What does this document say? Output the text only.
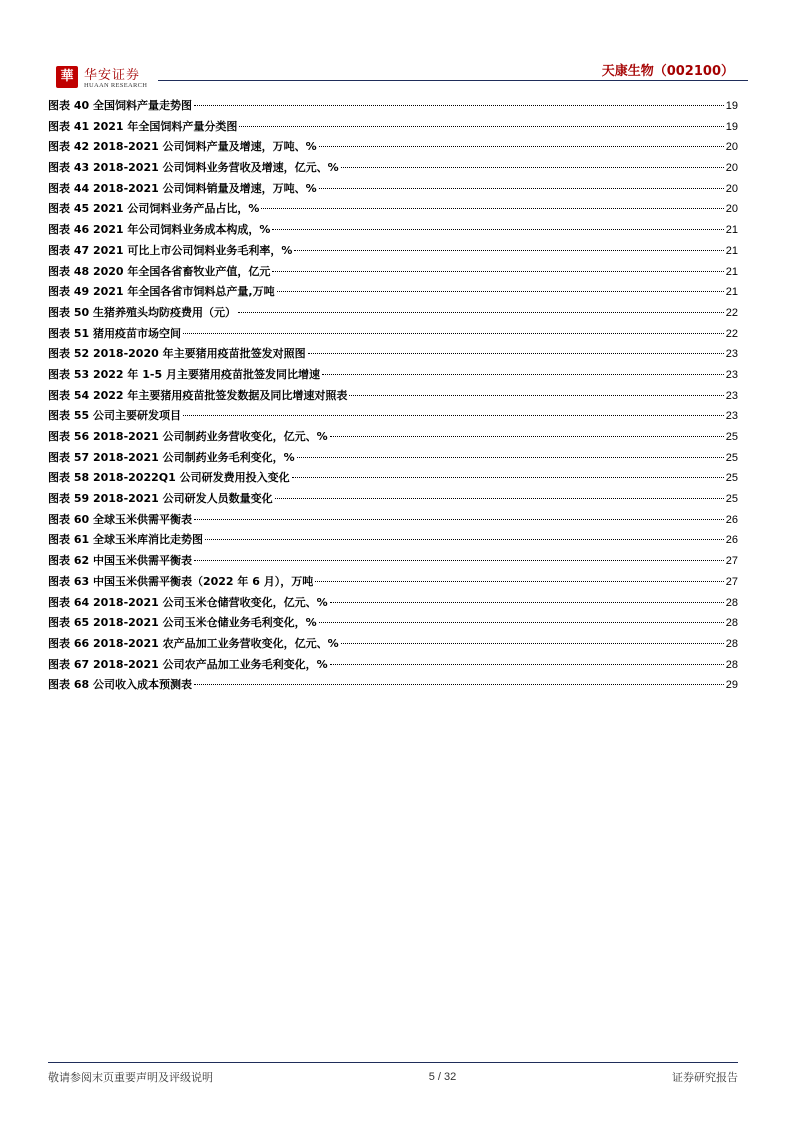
華 华安证券
HUAAN RESEARCH
天康生物（002100）
图表 40 全国饲料产量走势图	19
图表 41 2021 年全国饲料产量分类图	19
图表 42 2018-2021 公司饲料产量及增速，万吨、%	20
图表 43 2018-2021 公司饲料业务营收及增速，亿元、%	20
图表 44 2018-2021 公司饲料销量及增速，万吨、%	20
图表 45 2021 公司饲料业务产品占比，%	20
图表 46 2021 年公司饲料业务成本构成，%	21
图表 47 2021 可比上市公司饲料业务毛利率，%	21
图表 48 2020 年全国各省畜牧业产值，亿元	21
图表 49 2021 年全国各省市饲料总产量,万吨	21
图表 50 生猪养殖头均防疫费用（元）	22
图表 51 猪用疫苗市场空间	22
图表 52 2018-2020 年主要猪用疫苗批签发对照图	23
图表 53 2022 年 1-5 月主要猪用疫苗批签发同比增速	23
图表 54 2022 年主要猪用疫苗批签发数据及同比增速对照表	23
图表 55 公司主要研发项目	23
图表 56 2018-2021 公司制药业务营收变化，亿元、%	25
图表 57 2018-2021 公司制药业务毛利变化，%	25
图表 58 2018-2022Q1 公司研发费用投入变化	25
图表 59 2018-2021 公司研发人员数量变化	25
图表 60 全球玉米供需平衡表	26
图表 61 全球玉米库消比走势图	26
图表 62 中国玉米供需平衡表	27
图表 63 中国玉米供需平衡表（2022 年 6 月），万吨	27
图表 64 2018-2021 公司玉米仓储营收变化，亿元、%	28
图表 65 2018-2021 公司玉米仓储业务毛利变化，%	28
图表 66 2018-2021 农产品加工业务营收变化，亿元、%	28
图表 67 2018-2021 公司农产品加工业务毛利变化，%	28
图表 68 公司收入成本预测表	29
敬请参阅末页重要声明及评级说明	5 / 32	证券研究报告
